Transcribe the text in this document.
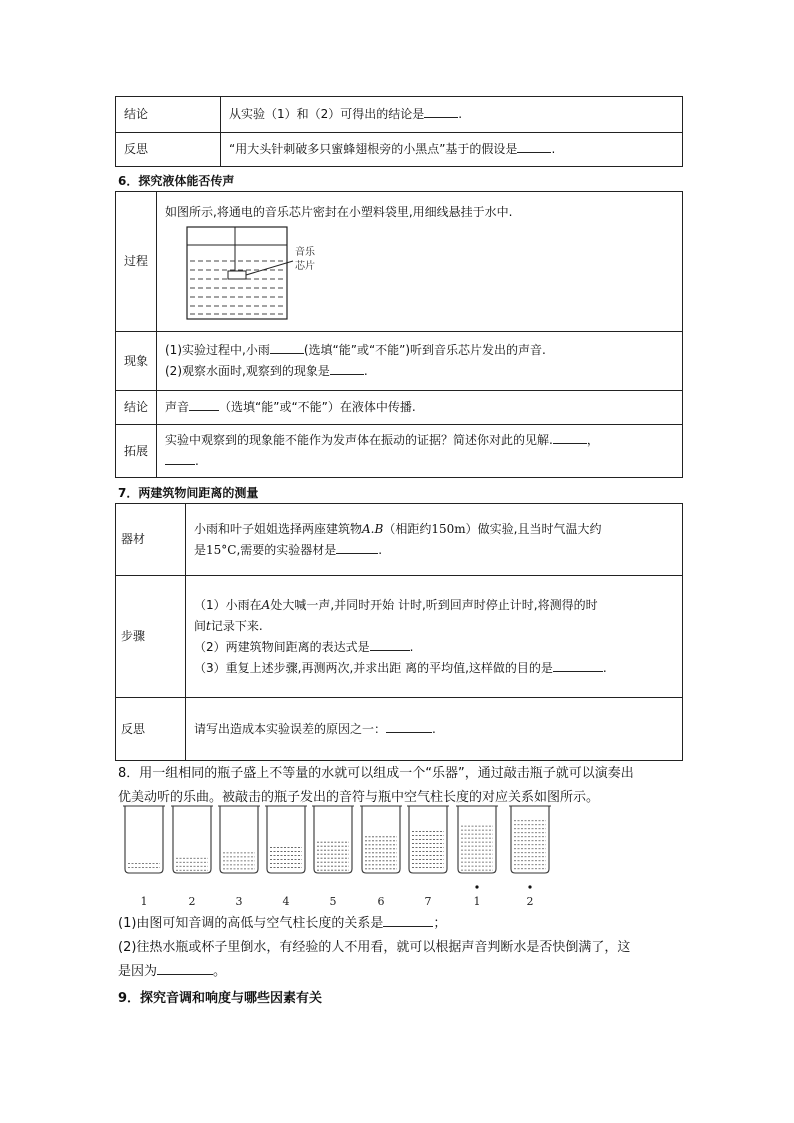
结论	从实验（1）和（2）可得出的结论是 .
反思	“用大头针刺破多只蜜蜂翅根旁的小黑点”基于的假设是 .
6．探究液体能否传声
过程	如图所示,将通电的音乐芯片密封在小塑料袋里,用细线悬挂于水中.
音乐
芯片

现象	(1)实验过程中,小雨 (选填“能”或“不能”)听到音乐芯片发出的声音.
(2)观察水面时,观察到的现象是 .

结论	声音 （选填“能”或“不能”）在液体中传播.
拓展	实验中观察到的现象能不能作为发声体在振动的证据？简述你对此的见解. ，
.
7．两建筑物间距离的测量
器材	小雨和叶子姐姐选择两座建筑物A.B（相距约150m）做实验,且当时气温大约
是15°C,需要的实验器材是 .

步骤	（1）小雨在A处大喊一声,并同时开始 计时,听到回声时停止计时,将测得的时
间t记录下来.
（2）两建筑物间距离的表达式是 .
（3）重复上述步骤,再测两次,并求出距 离的平均值,这样做的目的是 .

反思	请写出造成本实验误差的原因之一： .
8．用一组相同的瓶子盛上不等量的水就可以组成一个“乐器”，通过敲击瓶子就可以演奏出
优美动听的乐曲。被敲击的瓶子发出的音符与瓶中空气柱长度的对应关系如图所示。
1	2	3	4	5	6	7	1	2
(1)由图可知音调的高低与空气柱长度的关系是	；
(2)往热水瓶或杯子里倒水，有经验的人不用看，就可以根据声音判断水是否快倒满了，这
是因为	。
9．探究音调和响度与哪些因素有关
